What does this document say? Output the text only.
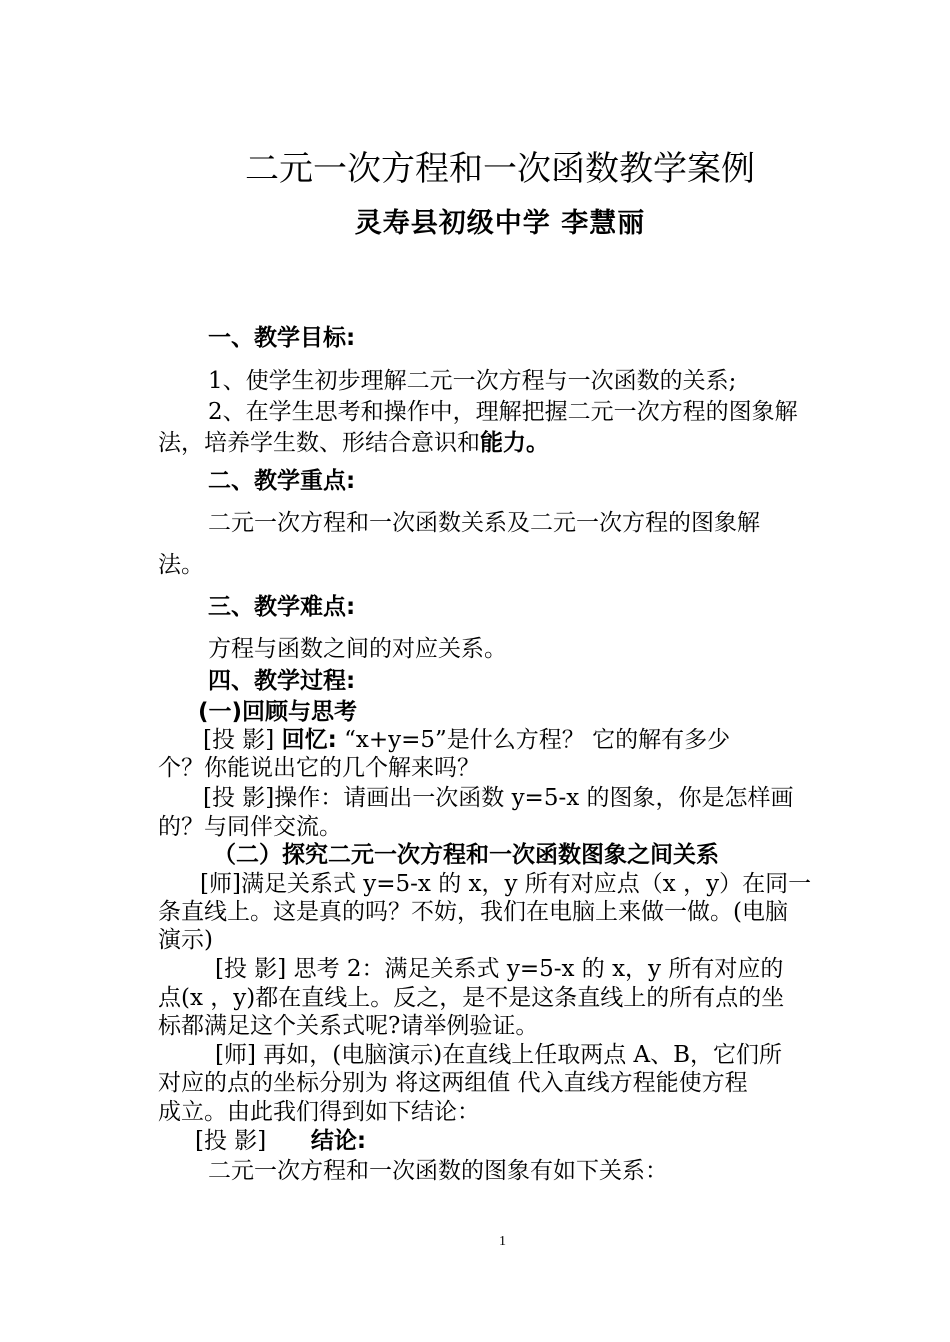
二元一次方程和一次函数教学案例
灵寿县初级中学 李慧丽
一、教学目标:
1、使学生初步理解二元一次方程与一次函数的关系;
2、在学生思考和操作中，理解把握二元一次方程的图象解
法，培养学生数、形结合意识和能力。
二、教学重点:
二元一次方程和一次函数关系及二元一次方程的图象解
法。
三、教学难点:
方程与函数之间的对应关系。
四、教学过程:
(一)回顾与思考
[投 影] 回忆: “x+y=5”是什么方程？ 它的解有多少
个？你能说出它的几个解来吗？
[投 影]操作：请画出一次函数 y=5-x 的图象，你是怎样画
的？与同伴交流。
（二）探究二元一次方程和一次函数图象之间关系
[师]满足关系式 y=5-x 的 x，y 所有对应点（x ，y）在同一
条直线上。这是真的吗？不妨，我们在电脑上来做一做。(电脑
演示)
[投 影] 思考 2：满足关系式 y=5-x 的 x，y 所有对应的
点(x ，y)都在直线上。反之，是不是这条直线上的所有点的坐
标都满足这个关系式呢?请举例验证。
[师] 再如，(电脑演示)在直线上任取两点 A、B，它们所
对应的点的坐标分别为 将这两组值 代入直线方程能使方程
成立。由此我们得到如下结论：
[投 影] 结论:
二元一次方程和一次函数的图象有如下关系：
1
